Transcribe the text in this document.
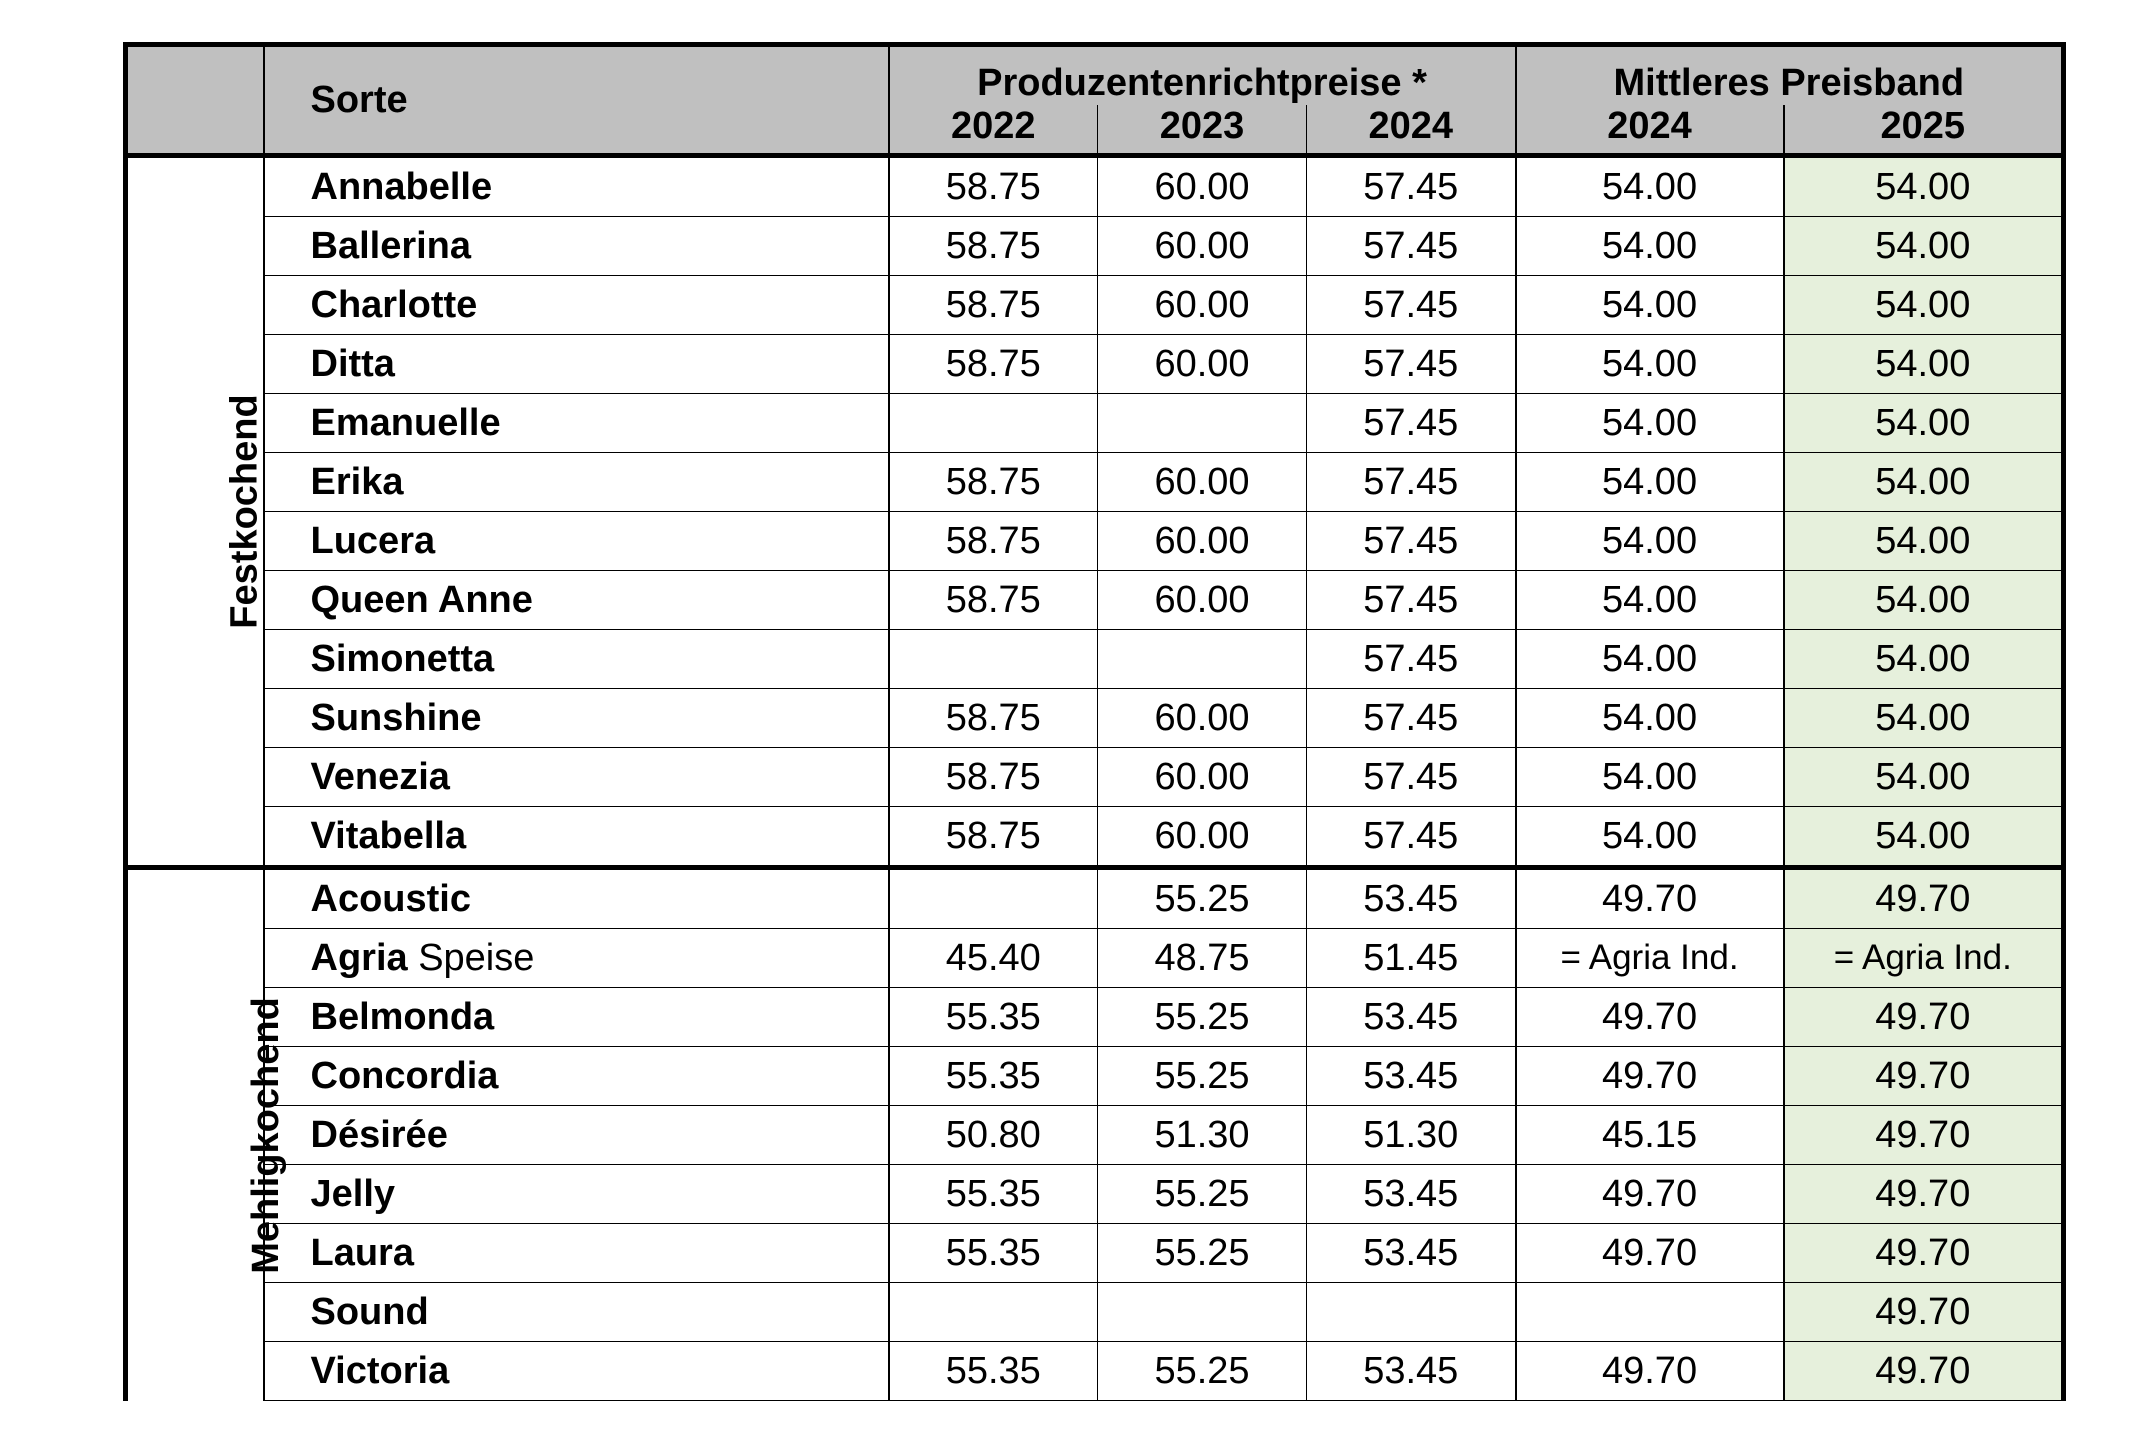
	Sorte	Produzentenrichtpreise *			Mittleres Preisband	
		2022	2023	2024	2024	2025
Festkochend	Annabelle	58.75	60.00	57.45	54.00	54.00
	Ballerina	58.75	60.00	57.45	54.00	54.00
	Charlotte	58.75	60.00	57.45	54.00	54.00
	Ditta	58.75	60.00	57.45	54.00	54.00
	Emanuelle			57.45	54.00	54.00
	Erika	58.75	60.00	57.45	54.00	54.00
	Lucera	58.75	60.00	57.45	54.00	54.00
	Queen Anne	58.75	60.00	57.45	54.00	54.00
	Simonetta			57.45	54.00	54.00
	Sunshine	58.75	60.00	57.45	54.00	54.00
	Venezia	58.75	60.00	57.45	54.00	54.00
	Vitabella	58.75	60.00	57.45	54.00	54.00
Mehligkochend	Acoustic		55.25	53.45	49.70	49.70
	Agria Speise	45.40	48.75	51.45	= Agria Ind.	= Agria Ind.
	Belmonda	55.35	55.25	53.45	49.70	49.70
	Concordia	55.35	55.25	53.45	49.70	49.70
	Désirée	50.80	51.30	51.30	45.15	49.70
	Jelly	55.35	55.25	53.45	49.70	49.70
	Laura	55.35	55.25	53.45	49.70	49.70
	Sound					49.70
	Victoria	55.35	55.25	53.45	49.70	49.70
